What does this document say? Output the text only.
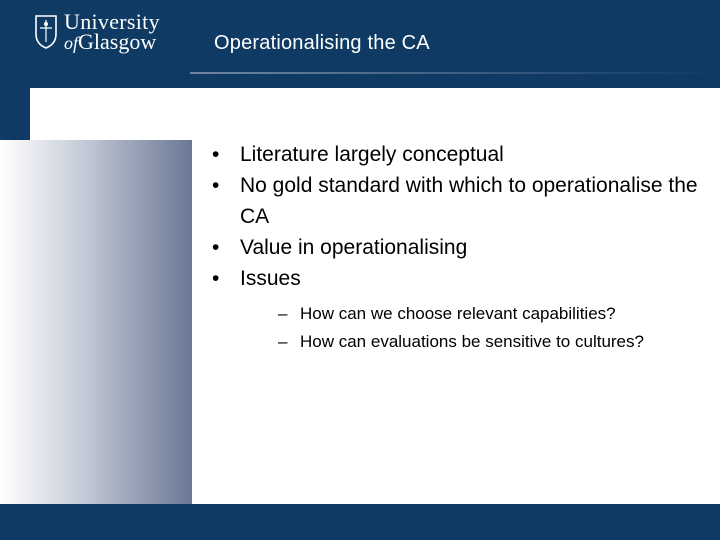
University
ofGlasgow	Operationalising the CA
• Literature largely conceptual
• No gold standard with which to operationalise the CA
• Value in operationalising
• Issues
– How can we choose relevant capabilities?
– How can evaluations be sensitive to cultures?
